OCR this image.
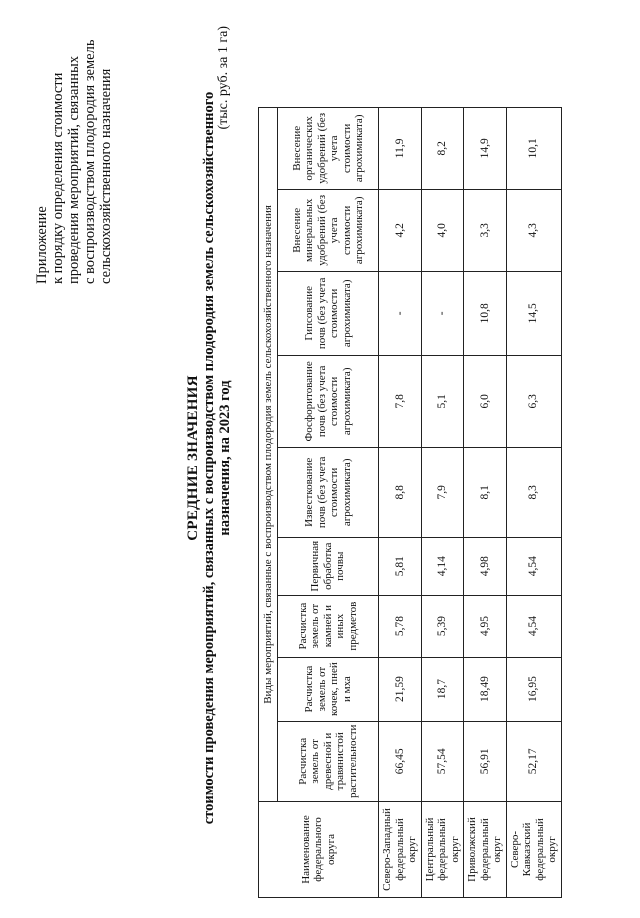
Приложение к порядку определения стоимости проведения мероприятий, связанных с воспроизводством плодородия земель сельскохозяйственного назначения
СРЕДНИЕ ЗНАЧЕНИЯ стоимости проведения мероприятий, связанных с воспроизводством плодородия земель сельскохозяйственного назначения, на 2023 год
(тыс. руб. за 1 га)
Наименование федерального округа	Виды мероприятий, связанные с воспроизводством плодородия земель сельскохозяйственного назначения								
	Расчистка земель от древесной и травянистой растительности	Расчистка земель от кочек, пней и мха	Расчистка земель от камней и иных предметов	Первичная обработка почвы	Известкование почв (без учета стоимости агрохимиката)	Фосфоритование почв (без учета стоимости агрохимиката)	Гипсование почв (без учета стоимости агрохимиката)	Внесение минеральных удобрений (без учета стоимости агрохимиката)	Внесение органических удобрений (без учета стоимости агрохимиката)
Северо-Западный федеральный округ	66,45	21,59	5,78	5,81	8,8	7,8	-	4,2	11,9
Центральный федеральный округ	57,54	18,7	5,39	4,14	7,9	5,1	-	4,0	8,2
Приволжский федеральный округ	56,91	18,49	4,95	4,98	8,1	6,0	10,8	3,3	14,9
Северо-Кавказский федеральный округ	52,17	16,95	4,54	4,54	8,3	6,3	14,5	4,3	10,1
